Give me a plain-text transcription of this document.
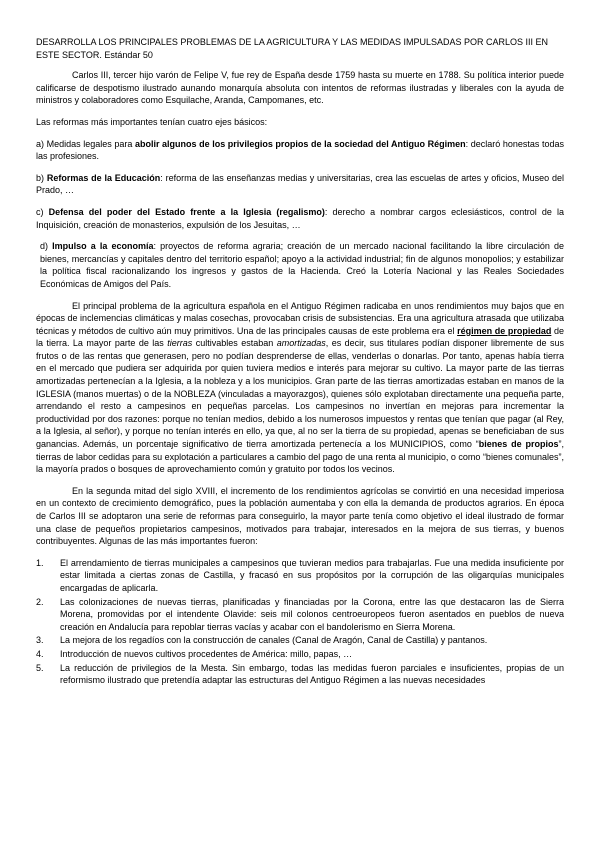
DESARROLLA LOS PRINCIPALES PROBLEMAS DE LA AGRICULTURA Y LAS MEDIDAS IMPULSADAS POR CARLOS III EN ESTE SECTOR. Estándar 50

Carlos III, tercer hijo varón de Felipe V, fue rey de España desde 1759 hasta su muerte en 1788. Su política interior puede calificarse de despotismo ilustrado aunando monarquía absoluta con intentos de reformas ilustradas y liberales con la ayuda de ministros y colaboradores como Esquilache, Aranda, Campomanes, etc.

Las reformas más importantes tenían cuatro ejes básicos:

a) Medidas legales para abolir algunos de los privilegios propios de la sociedad del Antiguo Régimen: declaró honestas todas las profesiones.

b) Reformas de la Educación: reforma de las enseñanzas medias y universitarias, crea las escuelas de artes y oficios, Museo del Prado, …

c) Defensa del poder del Estado frente a la Iglesia (regalismo): derecho a nombrar cargos eclesiásticos, control de la Inquisición, creación de monasterios, expulsión de los Jesuitas, …

d) Impulso a la economía: proyectos de reforma agraria; creación de un mercado nacional facilitando la libre circulación de bienes, mercancías y capitales dentro del territorio español; apoyo a la actividad industrial; fin de algunos monopolios; y estabilizar la política fiscal racionalizando los ingresos y gastos de la Hacienda. Creó la Lotería Nacional y las Reales Sociedades Económicas de Amigos del País.

El principal problema de la agricultura española en el Antiguo Régimen radicaba en unos rendimientos muy bajos que en épocas de inclemencias climáticas y malas cosechas, provocaban crisis de subsistencias. Era una agricultura atrasada que utilizaba técnicas y métodos de cultivo aún muy primitivos. Una de las principales causas de este problema era el régimen de propiedad de la tierra. La mayor parte de las tierras cultivables estaban amortizadas, es decir, sus titulares podían disponer libremente de sus frutos o de las rentas que generasen, pero no podían desprenderse de ellas, venderlas o donarlas. Por tanto, apenas había tierra en el mercado que pudiera ser adquirida por quien tuviera medios e interés para mejorar su cultivo. La mayor parte de las tierras amortizadas pertenecían a la Iglesia, a la nobleza y a los municipios. Gran parte de las tierras amortizadas estaban en manos de la IGLESIA (manos muertas) o de la NOBLEZA (vinculadas a mayorazgos), quienes sólo explotaban directamente una pequeña parte, arrendando el resto a campesinos en pequeñas parcelas. Los campesinos no invertían en mejoras para incrementar la productividad por dos razones: porque no tenían medios, debido a los numerosos impuestos y rentas que tenían que pagar (al Rey, a la Iglesia, al señor), y porque no tenían interés en ello, ya que, al no ser la tierra de su propiedad, apenas se beneficiaban de sus ganancias. Además, un porcentaje significativo de tierra amortizada pertenecía a los MUNICIPIOS, como “bienes de propios”, tierras de labor cedidas para su explotación a particulares a cambio del pago de una renta al municipio, o como “bienes comunales”, la mayoría prados o bosques de aprovechamiento común y gratuito por todos los vecinos.

En la segunda mitad del siglo XVIII, el incremento de los rendimientos agrícolas se convirtió en una necesidad imperiosa en un contexto de crecimiento demográfico, pues la población aumentaba y con ella la demanda de productos agrarios. En época de Carlos III se adoptaron una serie de reformas para conseguirlo, la mayor parte tenía como objetivo el ideal ilustrado de formar una clase de pequeños propietarios campesinos, motivados para trabajar, interesados en la mejora de sus tierras, y buenos contribuyentes. Algunas de las más importantes fueron:

1. El arrendamiento de tierras municipales a campesinos que tuvieran medios para trabajarlas. Fue una medida insuficiente por estar limitada a ciertas zonas de Castilla, y fracasó en sus propósitos por la corrupción de las oligarquías municipales encargadas de aplicarla.
2. Las colonizaciones de nuevas tierras, planificadas y financiadas por la Corona, entre las que destacaron las de Sierra Morena, promovidas por el intendente Olavide: seis mil colonos centroeuropeos fueron asentados en pueblos de nueva creación en Andalucía para repoblar tierras vacías y acabar con el bandolerismo en Sierra Morena.
3. La mejora de los regadíos con la construcción de canales (Canal de Aragón, Canal de Castilla) y pantanos.
4. Introducción de nuevos cultivos procedentes de América: millo, papas, …
5. La reducción de privilegios de la Mesta. Sin embargo, todas las medidas fueron parciales e insuficientes, propias de un reformismo ilustrado que pretendía adaptar las estructuras del Antiguo Régimen a las nuevas necesidades
